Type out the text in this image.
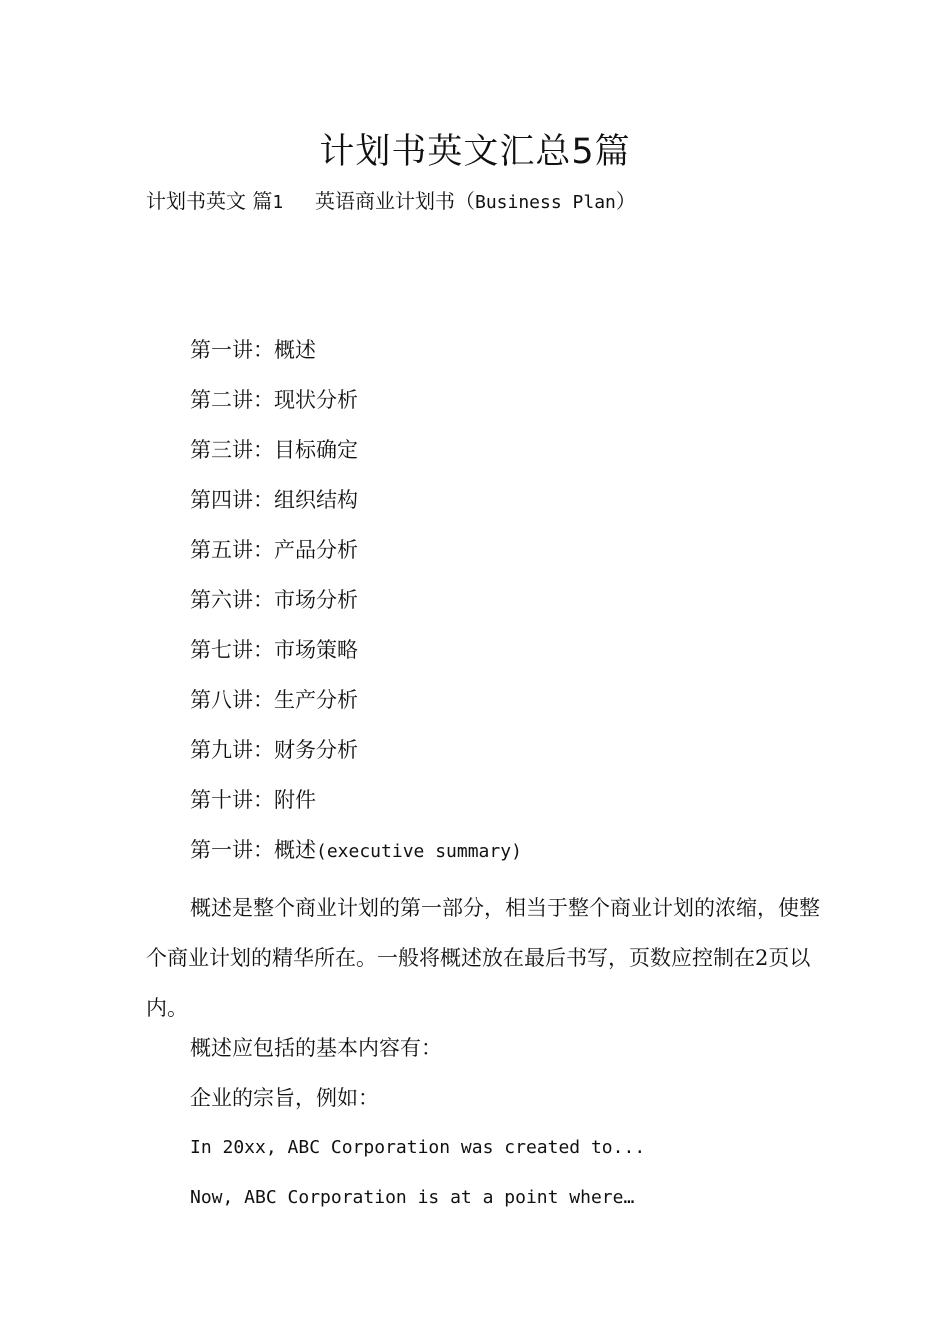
计划书英文汇总5篇
计划书英文 篇1 英语商业计划书（Business Plan）
第一讲：概述
第二讲：现状分析
第三讲：目标确定
第四讲：组织结构
第五讲：产品分析
第六讲：市场分析
第七讲：市场策略
第八讲：生产分析
第九讲：财务分析
第十讲：附件
第一讲：概述(executive summary)
概述是整个商业计划的第一部分，相当于整个商业计划的浓缩，使整个商业计划的精华所在。一般将概述放在最后书写，页数应控制在2页以内。
概述应包括的基本内容有：
企业的宗旨，例如：
In 20xx, ABC Corporation was created to...
Now, ABC Corporation is at a point where…
